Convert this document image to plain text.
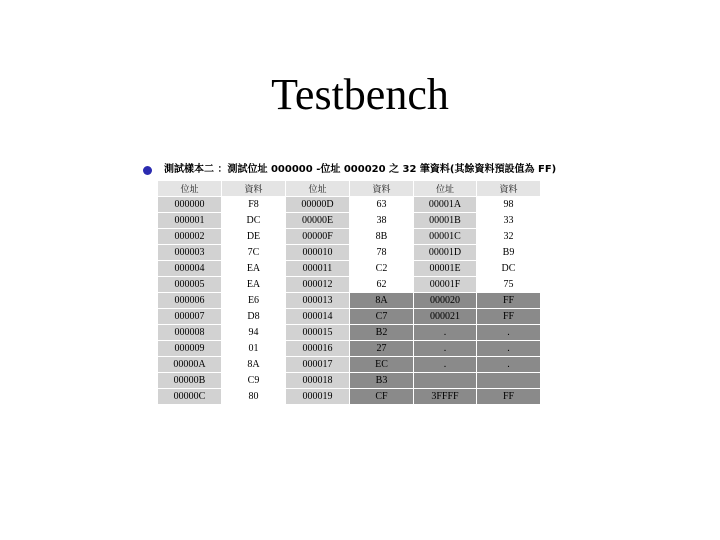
Testbench
測試樣本二 ：測試位址 000000 -位址 000020 之 32 筆資料(其餘資料預設值為 FF)
位址	資料	位址	資料	位址	資料
000000	F8	00000D	63	00001A	98
000001	DC	00000E	38	00001B	33
000002	DE	00000F	8B	00001C	32
000003	7C	000010	78	00001D	B9
000004	EA	000011	C2	00001E	DC
000005	EA	000012	62	00001F	75
000006	E6	000013	8A	000020	FF
000007	D8	000014	C7	000021	FF
000008	94	000015	B2	.	.
000009	01	000016	27	.	.
00000A	8A	000017	EC	.	.
00000B	C9	000018	B3		
00000C	80	000019	CF	3FFFF	FF
